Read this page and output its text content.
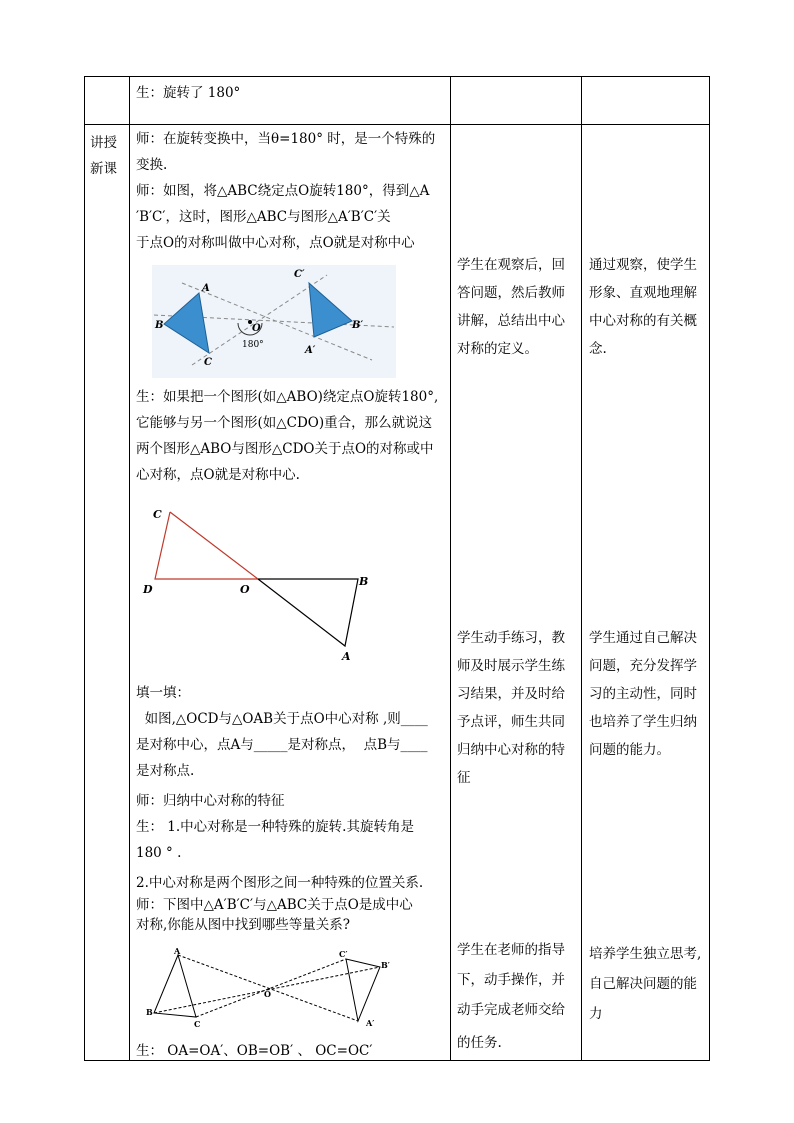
生：旋转了 180°
讲授
新课
师：在旋转变换中，当θ=180° 时，是一个特殊的
变换.
师：如图，将△ABC绕定点O旋转180°，得到△A
′B′C′，这时，图形△ABC与图形△A′B′C′关
于点O的对称叫做中心对称，点O就是对称中心
A
B
C
O
180°
C′
B′
A′
生：如果把一个图形(如△ABO)绕定点O旋转180°,
它能够与另一个图形(如△CDO)重合，那么就说这
两个图形△ABO与图形△CDO关于点O的对称或中
心对称，点O就是对称中心.
C
D	O
B
A
填一填：
如图,△OCD与△OAB关于点O中心对称 ,则____
是对称中心，点A与_____是对称点，  点B与____
是对称点.
师：归纳中心对称的特征
生： 1.中心对称是一种特殊的旋转.其旋转角是
180 ° .
2.中心对称是两个图形之间一种特殊的位置关系.
师：下图中△A′B′C′与△ABC关于点O是成中心
对称,你能从图中找到哪些等量关系?
A
B
C
O
C′
B′
A′
生： OA=OA′、OB=OB′ 、 OC=OC′
学生在观察后，回
答问题，然后教师
讲解，总结出中心
对称的定义。
学生动手练习，教
师及时展示学生练
习结果，并及时给
予点评，师生共同
归纳中心对称的特
征
学生在老师的指导
下，动手操作，并
动手完成老师交给
的任务.
通过观察，使学生
形象、直观地理解
中心对称的有关概
念.
学生通过自己解决
问题，充分发挥学
习的主动性，同时
也培养了学生归纳
问题的能力。
培养学生独立思考,
自己解决问题的能
力
